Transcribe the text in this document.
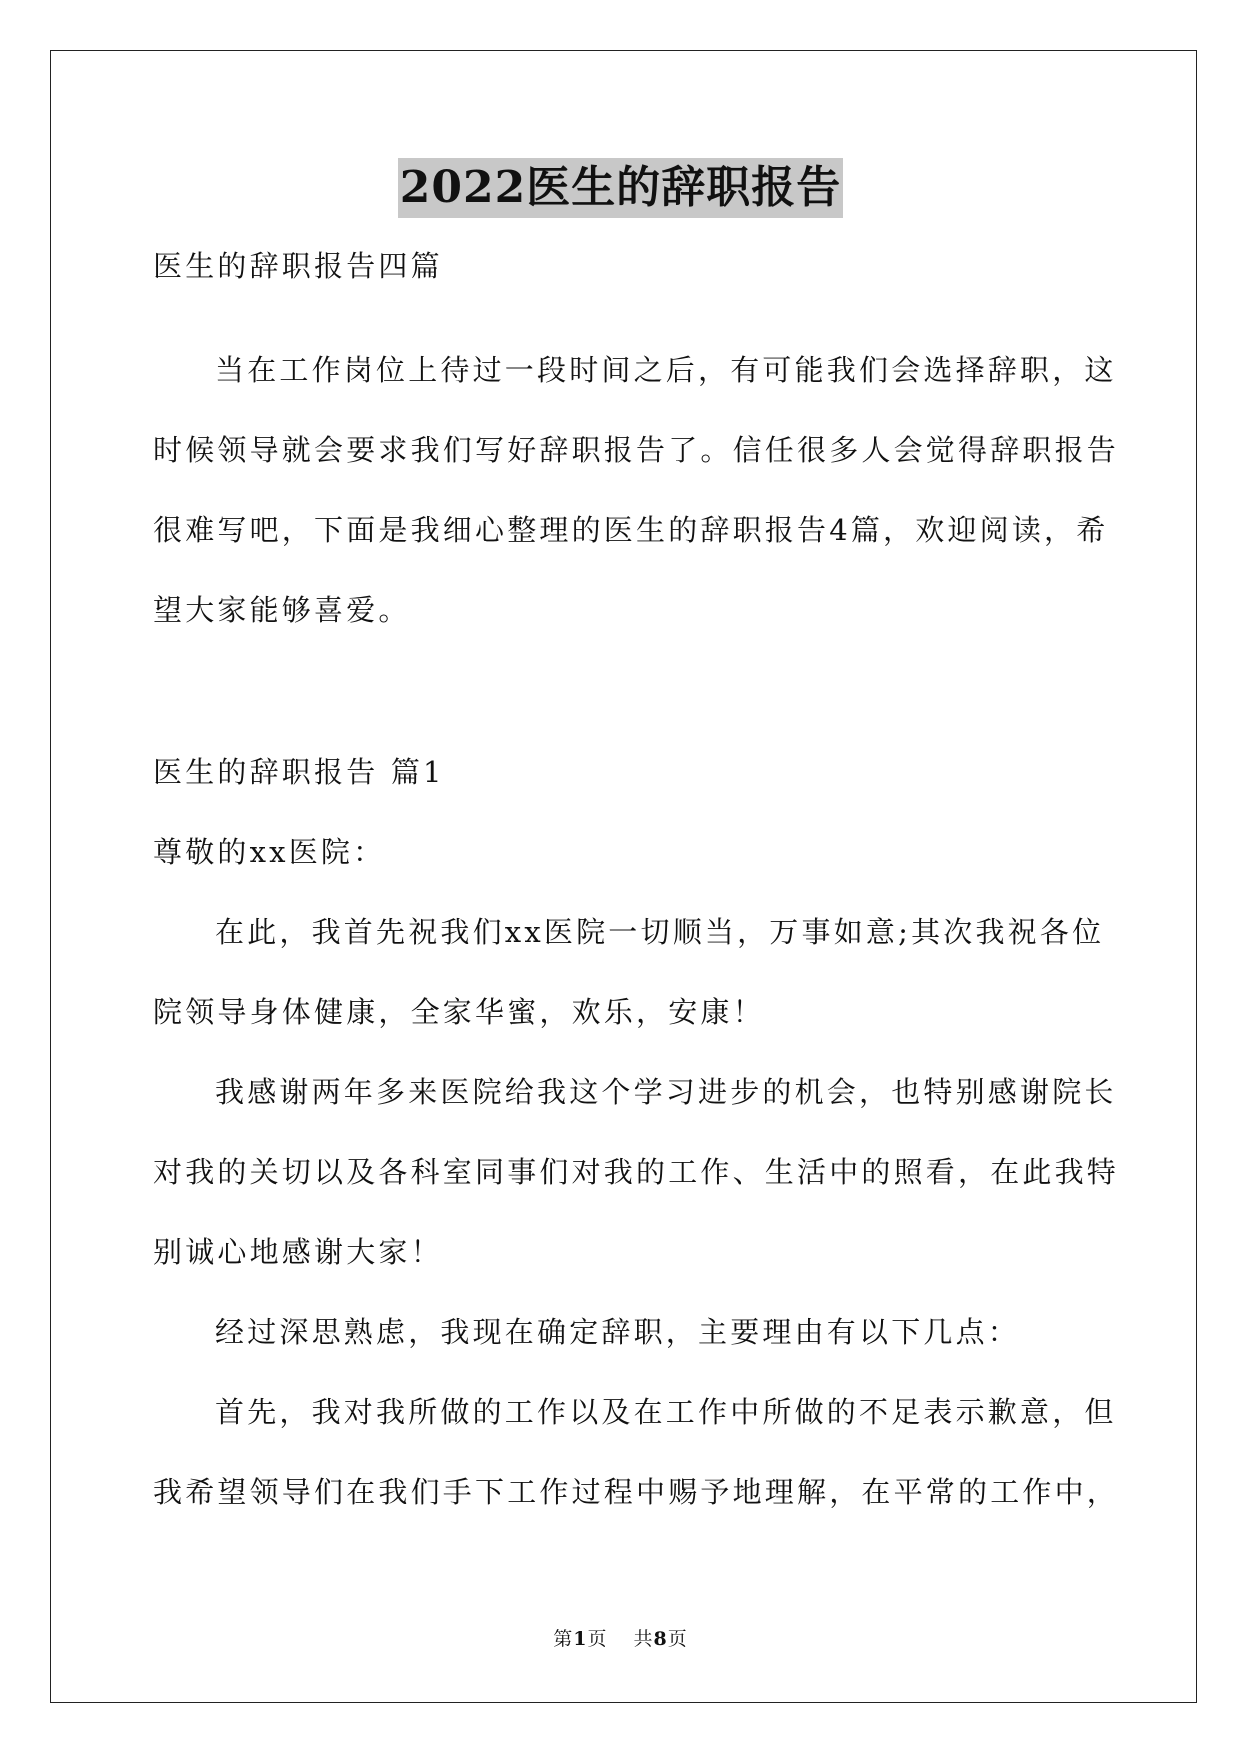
2022医生的辞职报告
医生的辞职报告四篇
当在工作岗位上待过一段时间之后，有可能我们会选择辞职，这
时候领导就会要求我们写好辞职报告了。信任很多人会觉得辞职报告
很难写吧，下面是我细心整理的医生的辞职报告4篇，欢迎阅读，希
望大家能够喜爱。
医生的辞职报告 篇1
尊敬的xx医院：
在此，我首先祝我们xx医院一切顺当，万事如意;其次我祝各位
院领导身体健康，全家华蜜，欢乐，安康！
我感谢两年多来医院给我这个学习进步的机会，也特别感谢院长
对我的关切以及各科室同事们对我的工作、生活中的照看，在此我特
别诚心地感谢大家！
经过深思熟虑，我现在确定辞职，主要理由有以下几点：
首先，我对我所做的工作以及在工作中所做的不足表示歉意，但
我希望领导们在我们手下工作过程中赐予地理解，在平常的工作中，
第1页 共8页
